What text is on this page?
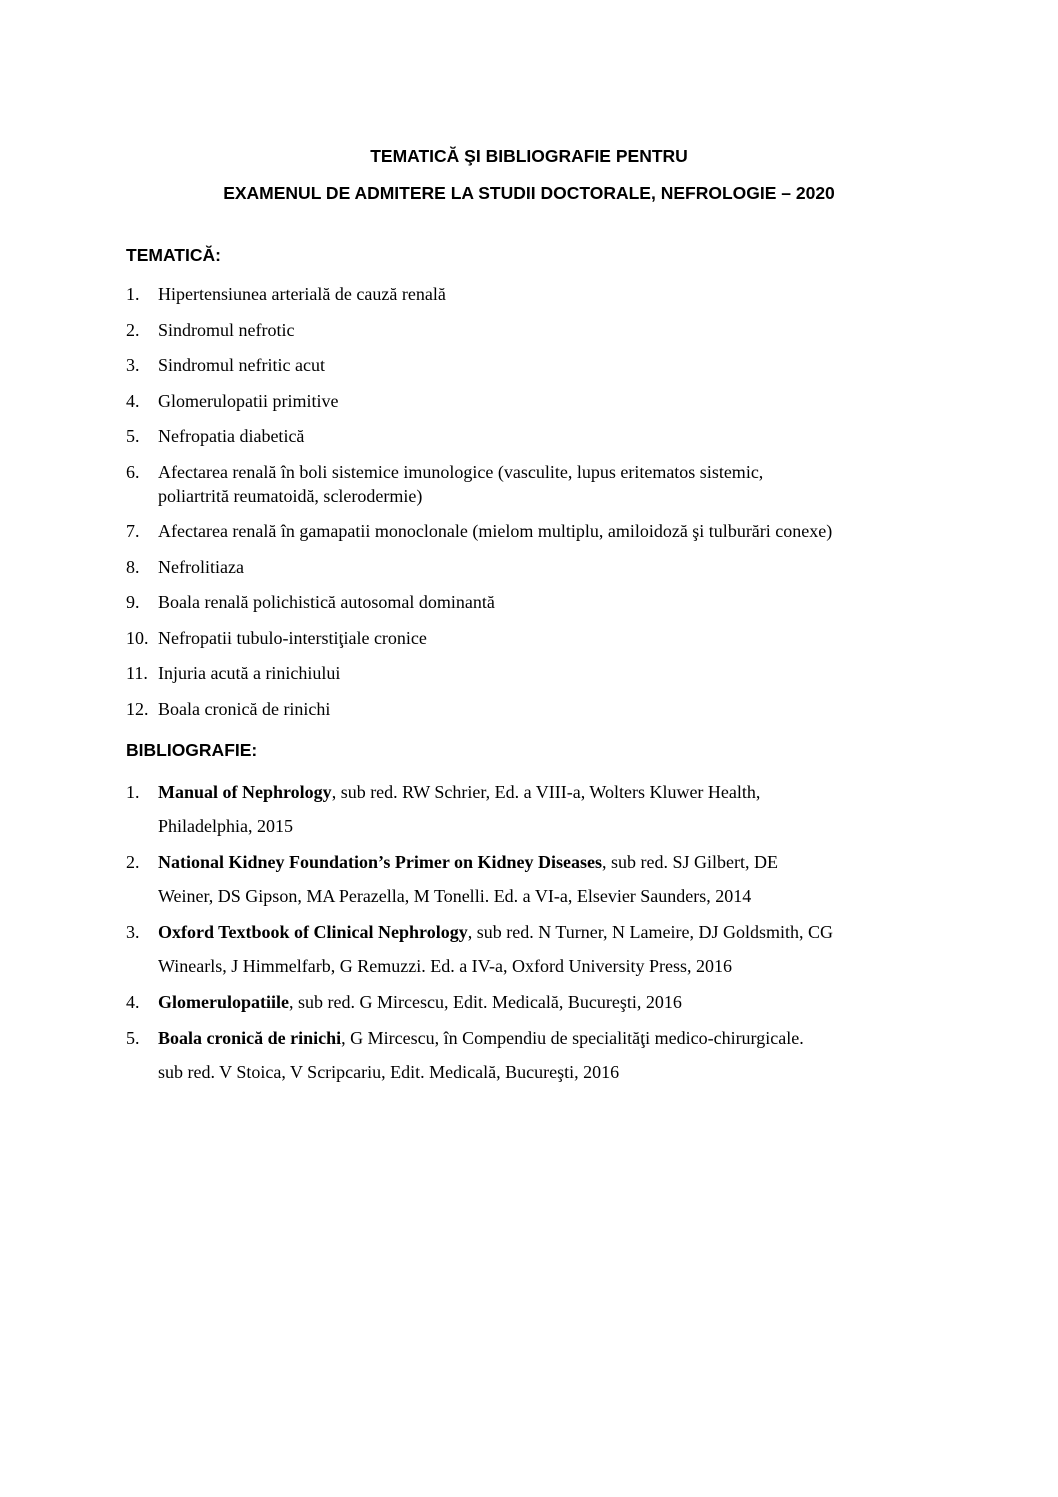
TEMATICĂ ŞI BIBLIOGRAFIE PENTRU
EXAMENUL DE ADMITERE LA STUDII DOCTORALE, NEFROLOGIE – 2020
TEMATICĂ:
1. Hipertensiunea arterială de cauză renală
2. Sindromul nefrotic
3. Sindromul nefritic acut
4. Glomerulopatii primitive
5. Nefropatia diabetică
6. Afectarea renală în boli sistemice imunologice (vasculite, lupus eritematos sistemic,
poliartrită reumatoidă, sclerodermie)
7. Afectarea renală în gamapatii monoclonale (mielom multiplu, amiloidoză şi tulburări conexe)
8. Nefrolitiaza
9. Boala renală polichistică autosomal dominantă
10. Nefropatii tubulo-interstiţiale cronice
11. Injuria acută a rinichiului
12. Boala cronică de rinichi
BIBLIOGRAFIE:
1. Manual of Nephrology, sub red. RW Schrier, Ed. a VIII-a, Wolters Kluwer Health,
Philadelphia, 2015
2. National Kidney Foundation’s Primer on Kidney Diseases, sub red. SJ Gilbert, DE
Weiner, DS Gipson, MA Perazella, M Tonelli. Ed. a VI-a, Elsevier Saunders, 2014
3. Oxford Textbook of Clinical Nephrology, sub red. N Turner, N Lameire, DJ Goldsmith, CG
Winearls, J Himmelfarb, G Remuzzi. Ed. a IV-a, Oxford University Press, 2016
4. Glomerulopatiile, sub red. G Mircescu, Edit. Medicală, Bucureşti, 2016
5. Boala cronică de rinichi, G Mircescu, în Compendiu de specialităţi medico-chirurgicale.
sub red. V Stoica, V Scripcariu, Edit. Medicală, Bucureşti, 2016
